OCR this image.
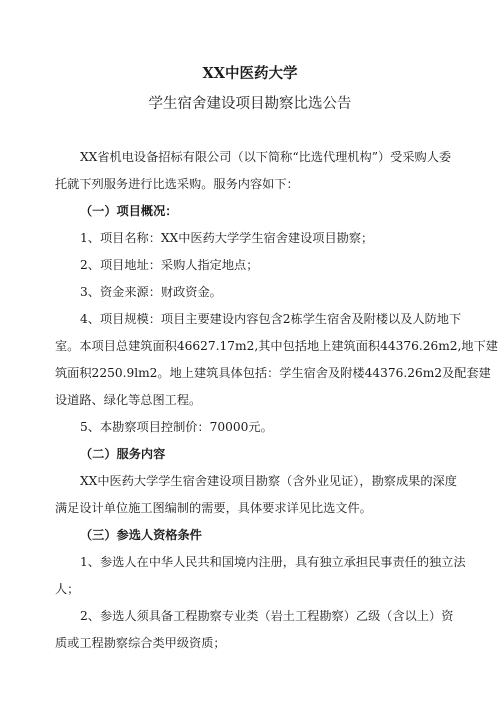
XX中医药大学
学生宿舍建设项目勘察比选公告
XX省机电设备招标有限公司（以下简称“比选代理机构”）受采购人委
托就下列服务进行比选采购。服务内容如下：
（一）项目概况：
1、项目名称：XX中医药大学学生宿舍建设项目勘察；
2、项目地址：采购人指定地点；
3、资金来源：财政资金。
4、项目规模：项目主要建设内容包含2栋学生宿舍及附楼以及人防地下
室。本项目总建筑面积46627.17m2,其中包括地上建筑面积44376.26m2,地下建
筑面积2250.9lm2。地上建筑具体包括：学生宿舍及附楼44376.26m2及配套建
设道路、绿化等总图工程。
5、本勘察项目控制价：70000元。
（二）服务内容
XX中医药大学学生宿舍建设项目勘察（含外业见证），勘察成果的深度
满足设计单位施工图编制的需要，具体要求详见比选文件。
（三）参选人资格条件
1、参选人在中华人民共和国境内注册，具有独立承担民事责任的独立法
人；
2、参选人须具备工程勘察专业类（岩土工程勘察）乙级（含以上）资
质或工程勘察综合类甲级资质；
